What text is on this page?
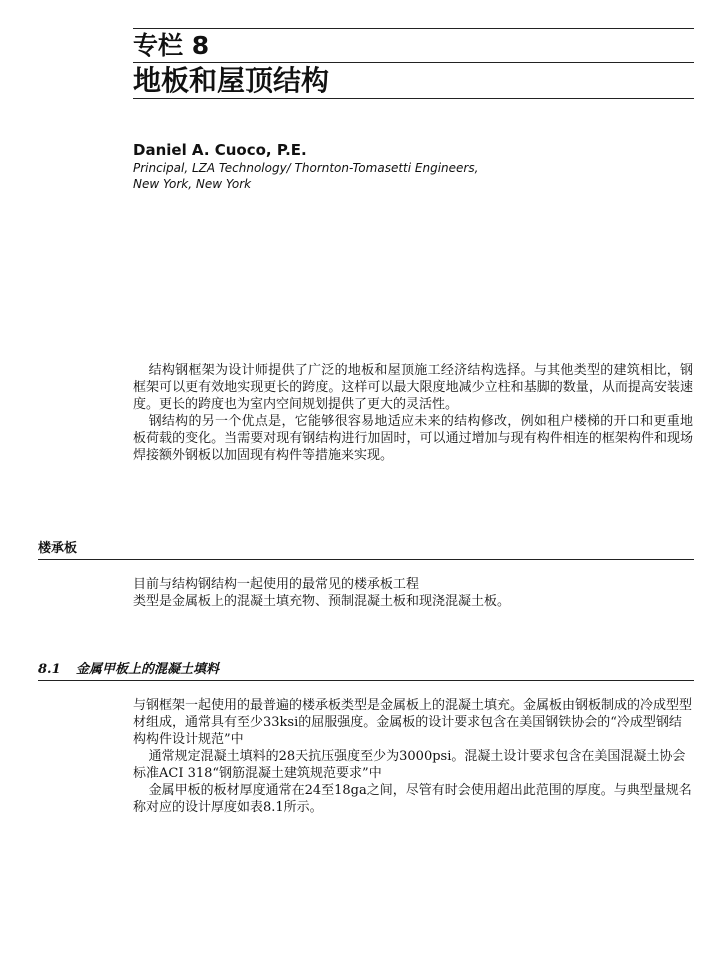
专栏 8
地板和屋顶结构
Daniel A. Cuoco, P.E.
Principal, LZA Technology/ Thornton-Tomasetti Engineers,
New York, New York

结构钢框架为设计师提供了广泛的地板和屋顶施工经济结构选择。与其他类型的建筑相比，钢框架可以更有效地实现更长的跨度。这样可以最大限度地减少立柱和基脚的数量，从而提高安装速度。更长的跨度也为室内空间规划提供了更大的灵活性。

钢结构的另一个优点是，它能够很容易地适应未来的结构修改，例如租户楼梯的开口和更重地板荷载的变化。当需要对现有钢结构进行加固时，可以通过增加与现有构件相连的框架构件和现场焊接额外钢板以加固现有构件等措施来实现。

楼承板

目前与结构钢结构一起使用的最常见的楼承板工程

类型是金属板上的混凝土填充物、预制混凝土板和现浇混凝土板。

8.1 金属甲板上的混凝土填料

与钢框架一起使用的最普遍的楼承板类型是金属板上的混凝土填充。金属板由钢板制成的冷成型型材组成，通常具有至少33ksi的屈服强度。金属板的设计要求包含在美国钢铁协会的“冷成型钢结构构件设计规范”中

通常规定混凝土填料的28天抗压强度至少为3000psi。混凝土设计要求包含在美国混凝土协会标准ACI 318“钢筋混凝土建筑规范要求”中

金属甲板的板材厚度通常在24至18ga之间，尽管有时会使用超出此范围的厚度。与典型量规名称对应的设计厚度如表8.1所示。
